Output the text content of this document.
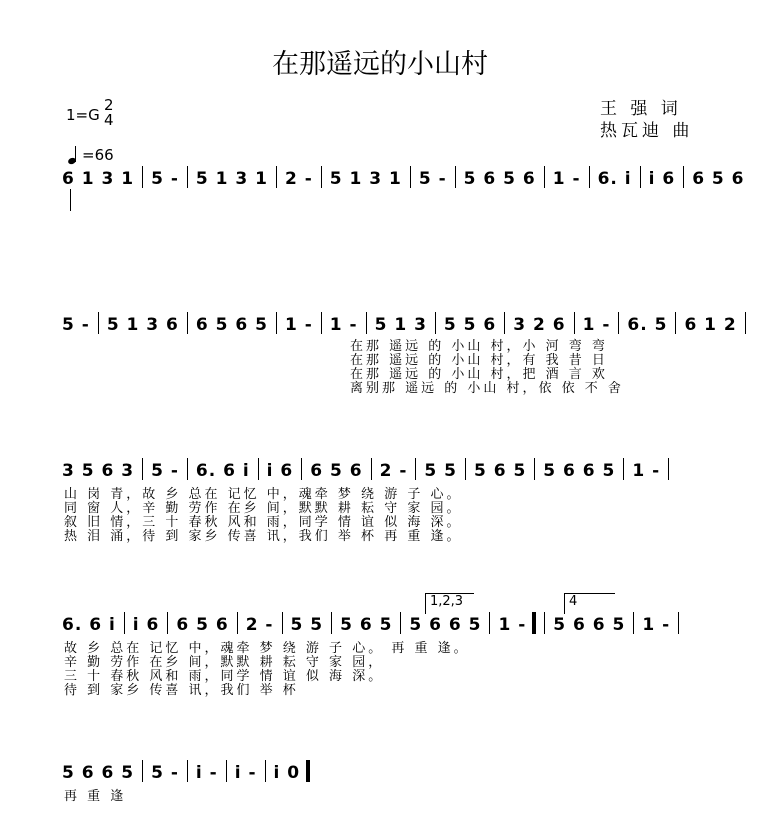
在那遥远的小山村
1=G
2
4
王 强 词
热瓦迪 曲
=66
6 1 3 1 5 - 5 1 3 1 2 - 5 1 3 1 5 - 5 6 5 6 1 - 6. i i 6 6 5 6
5 - 5 1 3 6 6 5 6 5 1 - 1 - 5 1 3 5 5 6 3 2 6 1 - 6. 5 6 1 2
在那 遥远 的 小山 村，小 河 弯 弯
在那 遥远 的 小山 村，有 我 昔 日
在那 遥远 的 小山 村，把 酒 言 欢
离别那 遥远 的 小山 村，依 依 不 舍
3 5 6 3 5 - 6. 6 i i 6 6 5 6 2 - 5 5 5 6 5 5 6 6 5 1 -
山 岗 青，故 乡 总在 记忆 中，魂牵 梦 绕 游 子 心。
同 窗 人，辛 勤 劳作 在乡 间，默默 耕 耘 守 家 园。
叙 旧 情，三 十 春秋 风和 雨，同学 情 谊 似 海 深。
热 泪 涌，待 到 家乡 传喜 讯，我们 举 杯 再 重 逢。
1,2,3	4
6. 6 i i 6 6 5 6 2 - 5 5 5 6 5 5 6 6 5 1 - 5 6 6 5 1 -
故 乡 总在 记忆 中，魂牵 梦 绕 游 子 心。 再 重 逢。
辛 勤 劳作 在乡 间，默默 耕 耘 守 家 园，
三 十 春秋 风和 雨，同学 情 谊 似 海 深。
待 到 家乡 传喜 讯，我们 举 杯
5 6 6 5 5 - i - i - i 0
再 重 逢
